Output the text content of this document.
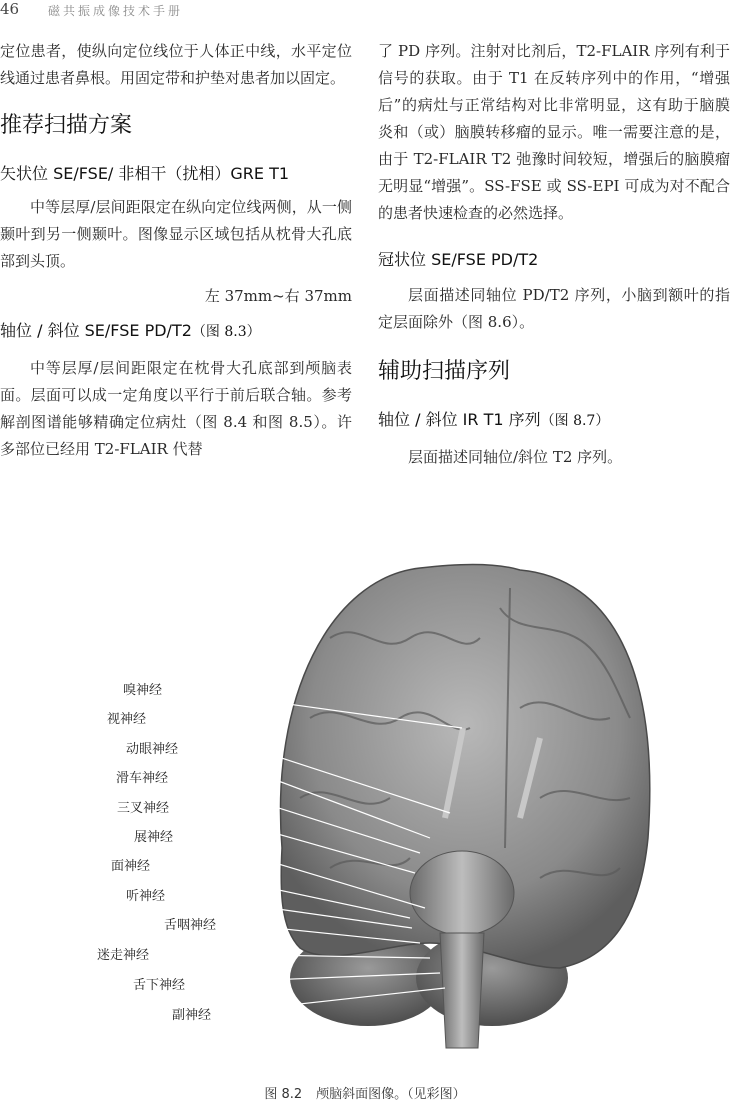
46 磁共振成像技术手册

定位患者，使纵向定位线位于人体正中线，水平定位线通过患者鼻根。用固定带和护垫对患者加以固定。

推荐扫描方案
矢状位 SE/FSE/ 非相干（扰相）GRE T1

中等层厚/层间距限定在纵向定位线两侧，从一侧颞叶到另一侧颞叶。图像显示区域包括从枕骨大孔底部到头顶。

左 37mm~右 37mm

轴位 / 斜位 SE/FSE PD/T2（图 8.3）

中等层厚/层间距限定在枕骨大孔底部到颅脑表面。层面可以成一定角度以平行于前后联合轴。参考解剖图谱能够精确定位病灶（图 8.4 和图 8.5）。许多部位已经用 T2-FLAIR 代替

了 PD 序列。注射对比剂后，T2-FLAIR 序列有利于信号的获取。由于 T1 在反转序列中的作用，“增强后”的病灶与正常结构对比非常明显，这有助于脑膜炎和（或）脑膜转移瘤的显示。唯一需要注意的是，由于 T2-FLAIR T2 弛豫时间较短，增强后的脑膜瘤无明显“增强”。SS-FSE 或 SS-EPI 可成为对不配合的患者快速检查的必然选择。

冠状位 SE/FSE PD/T2

层面描述同轴位 PD/T2 序列，小脑到额叶的指定层面除外（图 8.6）。

辅助扫描序列
轴位 / 斜位 IR T1 序列（图 8.7）

层面描述同轴位/斜位 T2 序列。

嗅神经
视神经
动眼神经
滑车神经
三叉神经
展神经
面神经
听神经
舌咽神经
迷走神经
舌下神经
副神经
图 8.2 颅脑斜面图像。（见彩图）
